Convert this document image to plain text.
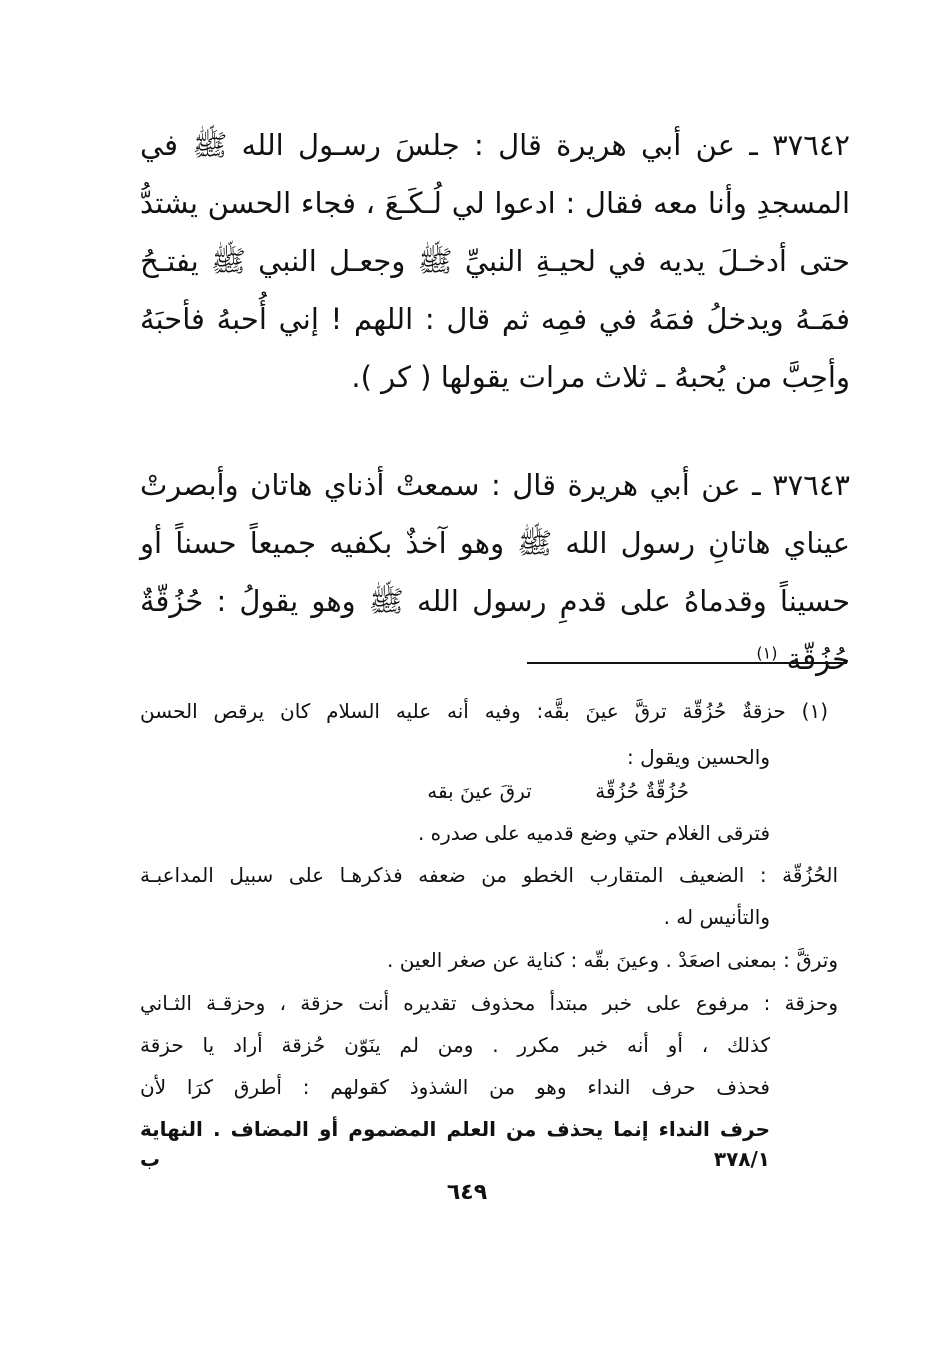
٣٧٦٤٢ ـ عن أبي هريرة قال : جلسَ رسـول الله ﷺ في المسجدِ وأنا معه فقال : ادعوا لي لُـكَـعَ ، فجاء الحسن يشتدُّ حتى أدخـلَ يديه في لحيـةِ النبيِّ ﷺ وجعـل النبي ﷺ يفتـحُ فمَـهُ ويدخلُ فمَهُ في فمِه ثم قال : اللهم ! إني أُحبهُ فأحبَهُ وأحِبَّ من يُحبهُ ـ ثلاث مرات يقولها ( كر ).

٣٧٦٤٣ ـ عن أبي هريرة قال : سمعتْ أذناي هاتان وأبصرتْ عيناي هاتانِ رسول الله ﷺ وهو آخذٌ بكفيه جميعاً حسناً أو حسيناً وقدماهُ على قدمِ رسول الله ﷺ وهو يقولُ : حُزُقّةٌ حُزُقّة $^{(١)}$

(١) حزقةٌ حُزُقّة ترقَّ عينَ بقَّه: وفيه أنه عليه السلام كان يرقص الحسن

والحسين ويقول :

حُزُقّةٌ حُزُقّة          ترقَ عينَ بقه

فترقى الغلام حتي وضع قدميه على صدره .

الحُزُقّة : الضعيف المتقارب الخطو من ضعفه فذكرهـا على سبيل المداعبـة

والتأنيس له .

وترقَّ : بمعنى اصعَدْ . وعينَ بقّه : كناية عن صغر العين .

وحزقة : مرفوع على خبر مبتدأ محذوف تقديره أنت حزقة ، وحزقـة الثـاني

كذلك ، أو أنه خبر مكرر . ومن لم ينَوّن حُزقة أراد يا حزقة

فحذف حرف النداء وهو من الشذوذ كقولهم : أطرق كرَا لأن

حرف النداء إنما يحذف من العلم المضموم أو المضاف . النهاية ٣٧٨/١ ب

٦٤٩
